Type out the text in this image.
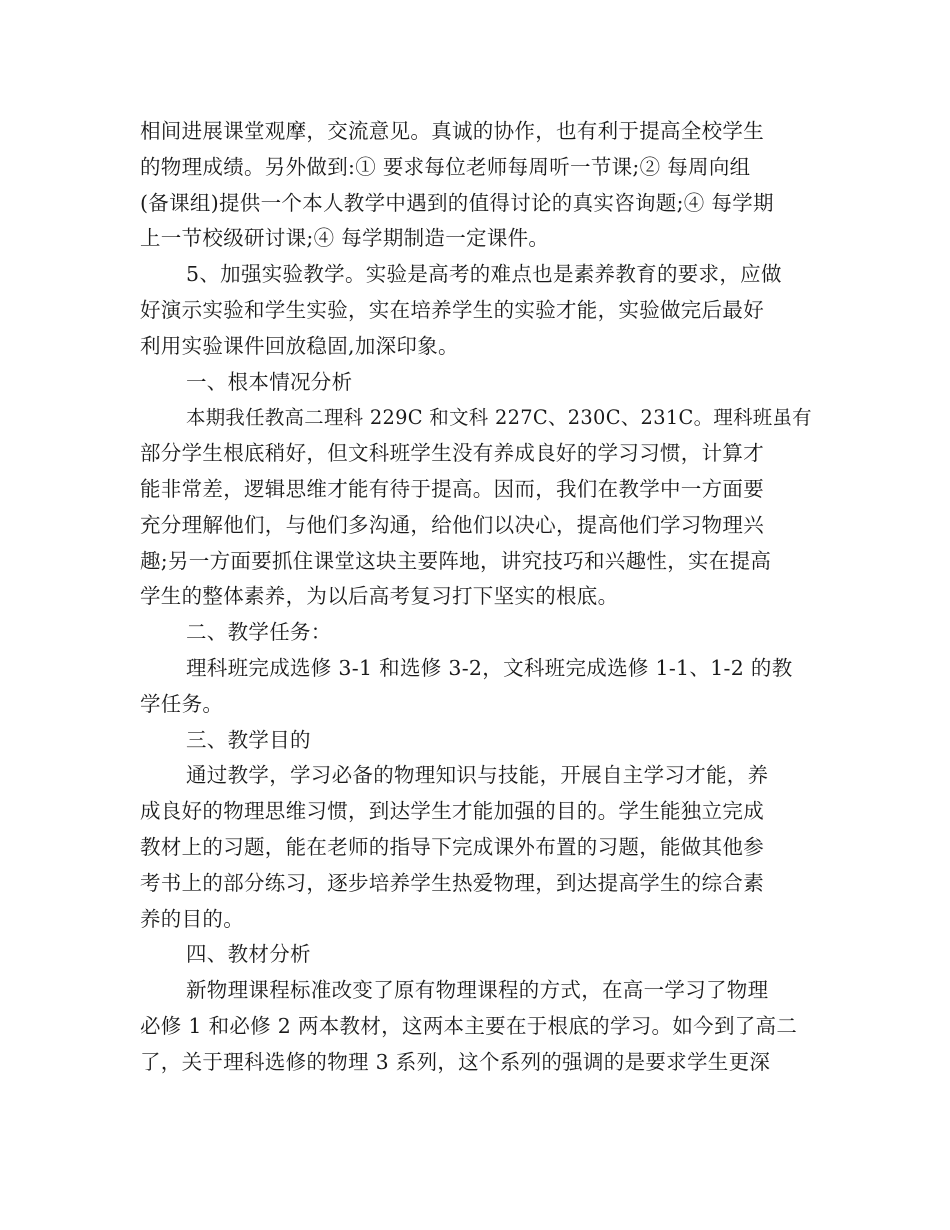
相间进展课堂观摩，交流意见。真诚的协作，也有利于提高全校学生
的物理成绩。另外做到:① 要求每位老师每周听一节课;② 每周向组
(备课组)提供一个本人教学中遇到的值得讨论的真实咨询题;④ 每学期
上一节校级研讨课;④ 每学期制造一定课件。
5、加强实验教学。实验是高考的难点也是素养教育的要求，应做
好演示实验和学生实验，实在培养学生的实验才能，实验做完后最好
利用实验课件回放稳固,加深印象。
一、根本情况分析
本期我任教高二理科 229C 和文科 227C、230C、231C。理科班虽有
部分学生根底稍好，但文科班学生没有养成良好的学习习惯，计算才
能非常差，逻辑思维才能有待于提高。因而，我们在教学中一方面要
充分理解他们，与他们多沟通，给他们以决心，提高他们学习物理兴
趣;另一方面要抓住课堂这块主要阵地，讲究技巧和兴趣性，实在提高
学生的整体素养，为以后高考复习打下坚实的根底。
二、教学任务：
理科班完成选修 3-1 和选修 3-2，文科班完成选修 1-1、1-2 的教
学任务。
三、教学目的
通过教学，学习必备的物理知识与技能，开展自主学习才能，养
成良好的物理思维习惯，到达学生才能加强的目的。学生能独立完成
教材上的习题，能在老师的指导下完成课外布置的习题，能做其他参
考书上的部分练习，逐步培养学生热爱物理，到达提高学生的综合素
养的目的。
四、教材分析
新物理课程标准改变了原有物理课程的方式，在高一学习了物理
必修 1 和必修 2 两本教材，这两本主要在于根底的学习。如今到了高二
了，关于理科选修的物理 3 系列，这个系列的强调的是要求学生更深
